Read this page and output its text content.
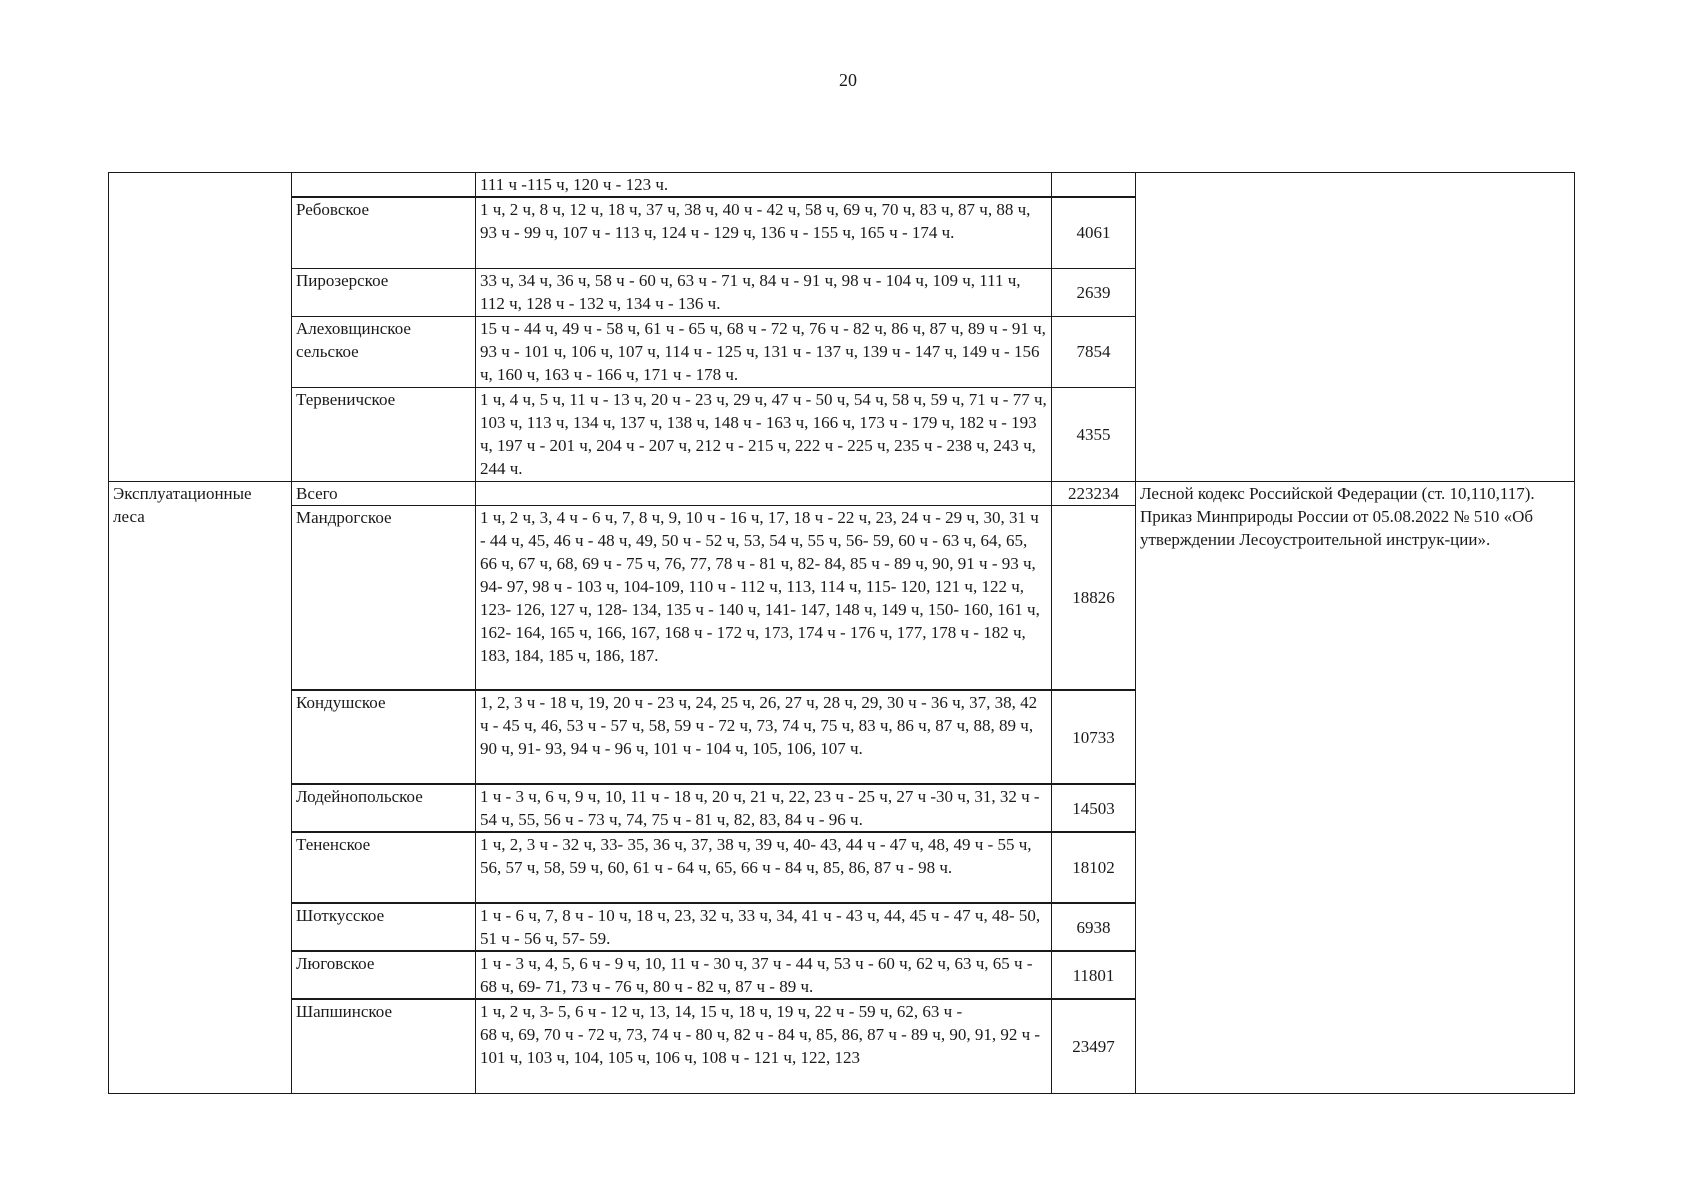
20
		111 ч -115 ч, 120 ч - 123 ч.		
	Ребовское	1 ч, 2 ч, 8 ч, 12 ч, 18 ч, 37 ч, 38 ч, 40 ч - 42 ч, 58 ч, 69 ч, 70 ч, 83 ч, 87 ч, 88 ч, 93 ч - 99 ч, 107 ч - 113 ч, 124 ч - 129 ч, 136 ч - 155 ч, 165 ч - 174 ч.	4061	
	Пирозерское	33 ч, 34 ч, 36 ч, 58 ч - 60 ч, 63 ч - 71 ч, 84 ч - 91 ч, 98 ч - 104 ч, 109 ч, 111 ч, 112 ч, 128 ч - 132 ч, 134 ч - 136 ч.	2639	
	Алеховщинское сельское	15 ч - 44 ч, 49 ч - 58 ч, 61 ч - 65 ч, 68 ч - 72 ч, 76 ч - 82 ч, 86 ч, 87 ч, 89 ч - 91 ч, 93 ч - 101 ч, 106 ч, 107 ч, 114 ч - 125 ч, 131 ч - 137 ч, 139 ч - 147 ч, 149 ч - 156 ч, 160 ч, 163 ч - 166 ч, 171 ч - 178 ч.	7854	
	Тервеничское	1 ч, 4 ч, 5 ч, 11 ч - 13 ч, 20 ч - 23 ч, 29 ч, 47 ч - 50 ч, 54 ч, 58 ч, 59 ч, 71 ч - 77 ч, 103 ч, 113 ч, 134 ч, 137 ч, 138 ч, 148 ч - 163 ч, 166 ч, 173 ч - 179 ч, 182 ч - 193 ч, 197 ч - 201 ч, 204 ч - 207 ч, 212 ч - 215 ч, 222 ч - 225 ч, 235 ч - 238 ч, 243 ч, 244 ч.	4355	
Эксплуатационные леса	Всего		223234	Лесной кодекс Российской Федерации (ст. 10,110,117).
Приказ Минприроды России от 05.08.2022 № 510 «Об утверждении Лесоустроительной инструк-ции».
	Мандрогское	1 ч, 2 ч, 3, 4 ч - 6 ч, 7, 8 ч, 9, 10 ч - 16 ч, 17, 18 ч - 22 ч, 23, 24 ч - 29 ч, 30, 31 ч - 44 ч, 45, 46 ч - 48 ч, 49, 50 ч - 52 ч, 53, 54 ч, 55 ч, 56- 59, 60 ч - 63 ч, 64, 65, 66 ч, 67 ч, 68, 69 ч - 75 ч, 76, 77, 78 ч - 81 ч, 82- 84, 85 ч - 89 ч, 90, 91 ч - 93 ч, 94- 97, 98 ч - 103 ч, 104-109, 110 ч - 112 ч, 113, 114 ч, 115- 120, 121 ч, 122 ч, 123- 126, 127 ч, 128- 134, 135 ч - 140 ч, 141- 147, 148 ч, 149 ч, 150- 160, 161 ч, 162- 164, 165 ч, 166, 167, 168 ч - 172 ч, 173, 174 ч - 176 ч, 177, 178 ч - 182 ч, 183, 184, 185 ч, 186, 187.	18826	
	Кондушское	1, 2, 3 ч - 18 ч, 19, 20 ч - 23 ч, 24, 25 ч, 26, 27 ч, 28 ч, 29, 30 ч - 36 ч, 37, 38, 42 ч - 45 ч, 46, 53 ч - 57 ч, 58, 59 ч - 72 ч, 73, 74 ч, 75 ч, 83 ч, 86 ч, 87 ч, 88, 89 ч, 90 ч, 91- 93, 94 ч - 96 ч, 101 ч - 104 ч, 105, 106, 107 ч.	10733	
	Лодейнопольское	1 ч - 3 ч, 6 ч, 9 ч, 10, 11 ч - 18 ч, 20 ч, 21 ч, 22, 23 ч - 25 ч, 27 ч -30 ч, 31, 32 ч - 54 ч, 55, 56 ч - 73 ч, 74, 75 ч - 81 ч, 82, 83, 84 ч - 96 ч.	14503	
	Тененское	1 ч, 2, 3 ч - 32 ч, 33- 35, 36 ч, 37, 38 ч, 39 ч, 40- 43, 44 ч - 47 ч, 48, 49 ч - 55 ч, 56, 57 ч, 58, 59 ч, 60, 61 ч - 64 ч, 65, 66 ч - 84 ч, 85, 86, 87 ч - 98 ч.	18102	
	Шоткусское	1 ч - 6 ч, 7, 8 ч - 10 ч, 18 ч, 23, 32 ч, 33 ч, 34, 41 ч - 43 ч, 44, 45 ч - 47 ч, 48- 50, 51 ч - 56 ч, 57- 59.	6938	
	Люговское	1 ч - 3 ч, 4, 5, 6 ч - 9 ч, 10, 11 ч - 30 ч, 37 ч - 44 ч, 53 ч - 60 ч, 62 ч, 63 ч, 65 ч - 68 ч, 69- 71, 73 ч - 76 ч, 80 ч - 82 ч, 87 ч - 89 ч.	11801	
	Шапшинское	1 ч, 2 ч, 3- 5, 6 ч - 12 ч, 13, 14, 15 ч, 18 ч, 19 ч, 22 ч - 59 ч, 62, 63 ч -
68 ч, 69, 70 ч - 72 ч, 73, 74 ч - 80 ч, 82 ч - 84 ч, 85, 86, 87 ч - 89 ч, 90, 91, 92 ч - 101 ч, 103 ч, 104, 105 ч, 106 ч, 108 ч - 121 ч, 122, 123	23497	
